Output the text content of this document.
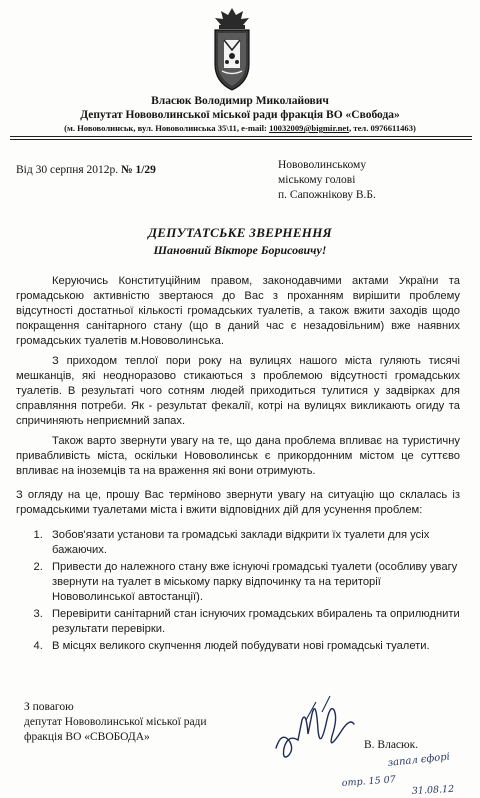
Власюк Володимир Миколайович
Депутат Нововолинської міської ради фракція ВО «Свобода»
(м. Нововолинськ, вул. Нововолинська 35\11, e-mail: 10032009@bigmir.net, тел. 0976611463)
Від 30 серпня 2012р. № 1/29	Нововолинському
міському голові
п. Сапожнікову В.Б.
ДЕПУТАТСЬКЕ ЗВЕРНЕННЯ
Шановний Вікторе Борисовичу!

Керуючись Конституційним правом, законодавчими актами України та громадською активністю звертаюся до Вас з проханням вирішити проблему відсутності достатньої кількості громадських туалетів, а також вжити заходів щодо покращення санітарного стану (що в даний час є незадовільним) вже наявних громадських туалетів м.Нововолинська.

З приходом теплої пори року на вулицях нашого міста гуляють тисячі мешканців, які неодноразово стикаються з проблемою відсутності громадських туалетів. В результаті чого сотням людей приходиться тулитися у задвірках для справляння потреби. Як - результат фекалії, котрі на вулицях викликають огиду та спричиняють неприємний запах.

Також варто звернути увагу на те, що дана проблема впливає на туристичну привабливість міста, оскільки Нововолинськ є прикордонним містом це суттєво впливає на іноземців та на враження які вони отримують.

З огляду на це, прошу Вас терміново звернути увагу на ситуацію що склалась із громадськими туалетами міста і вжити відповідних дій для усунення проблем:

1. Зобов'язати установи та громадські заклади відкрити їх туалети для усіх бажаючих.
2. Привести до належного стану вже існуючі громадські туалети (особливу увагу звернути на туалет в міському парку відпочинку та на території Нововолинської автостанції).
3. Перевірити санітарний стан існуючих громадських вбиралень та оприлюднити результати перевірки.
4. В місцях великого скупчення людей побудувати нові громадські туалети.
З повагою
депутат Нововолинської міської ради
фракція ВО «СВОБОДА»
В. Власюк.
запал єфорі
отр. 15 07
31.08.12
